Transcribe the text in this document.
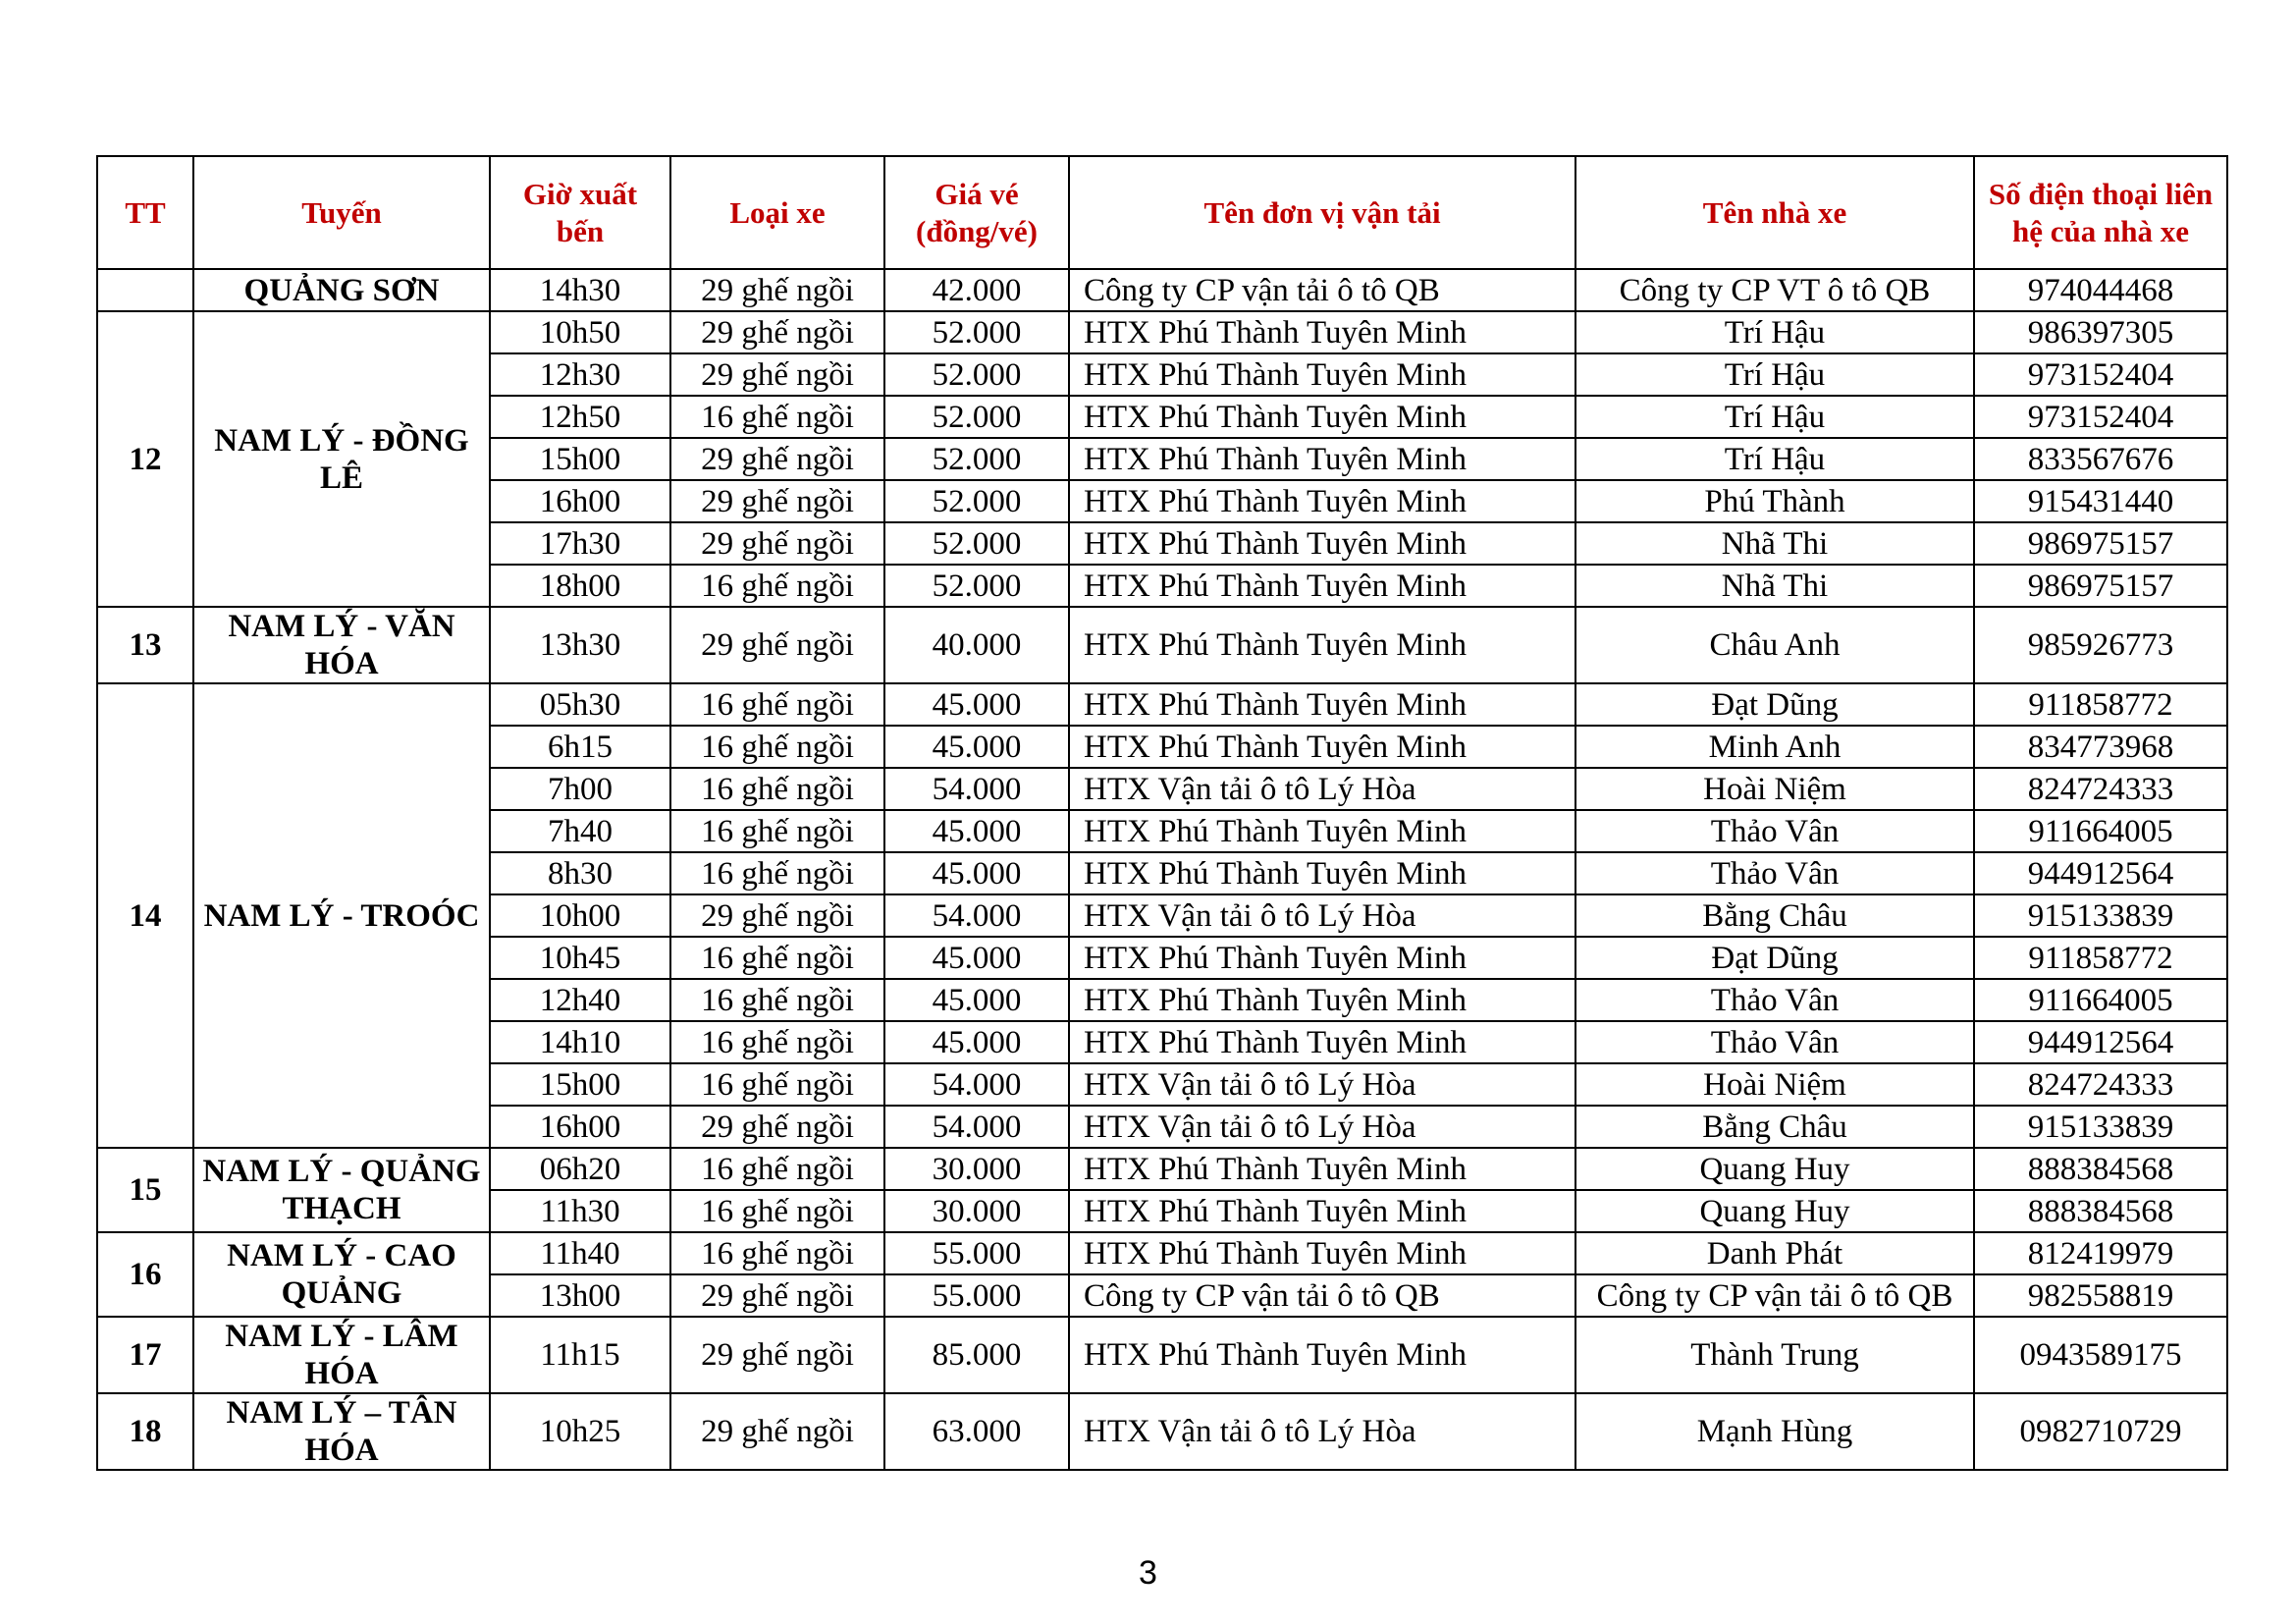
TT	Tuyến	Giờ xuất bến	Loại xe	Giá vé (đồng/vé)	Tên đơn vị vận tải	Tên nhà xe	Số điện thoại liên hệ của nhà xe
	QUẢNG SƠN	14h30	29 ghế ngồi	42.000	Công ty CP vận tải ô tô QB	Công ty CP VT ô tô QB	974044468
12	NAM LÝ - ĐỒNG LÊ	10h50	29 ghế ngồi	52.000	HTX Phú Thành Tuyên Minh	Trí Hậu	986397305
		12h30	29 ghế ngồi	52.000	HTX Phú Thành Tuyên Minh	Trí Hậu	973152404
		12h50	16 ghế ngồi	52.000	HTX Phú Thành Tuyên Minh	Trí Hậu	973152404
		15h00	29 ghế ngồi	52.000	HTX Phú Thành Tuyên Minh	Trí Hậu	833567676
		16h00	29 ghế ngồi	52.000	HTX Phú Thành Tuyên Minh	Phú Thành	915431440
		17h30	29 ghế ngồi	52.000	HTX Phú Thành Tuyên Minh	Nhã Thi	986975157
		18h00	16 ghế ngồi	52.000	HTX Phú Thành Tuyên Minh	Nhã Thi	986975157
13	NAM LÝ - VĂN HÓA	13h30	29 ghế ngồi	40.000	HTX Phú Thành Tuyên Minh	Châu Anh	985926773
14	NAM LÝ - TROÓC	05h30	16 ghế ngồi	45.000	HTX Phú Thành Tuyên Minh	Đạt Dũng	911858772
		6h15	16 ghế ngồi	45.000	HTX Phú Thành Tuyên Minh	Minh Anh	834773968
		7h00	16 ghế ngồi	54.000	HTX Vận tải ô tô Lý Hòa	Hoài Niệm	824724333
		7h40	16 ghế ngồi	45.000	HTX Phú Thành Tuyên Minh	Thảo Vân	911664005
		8h30	16 ghế ngồi	45.000	HTX Phú Thành Tuyên Minh	Thảo Vân	944912564
		10h00	29 ghế ngồi	54.000	HTX Vận tải ô tô Lý Hòa	Bằng Châu	915133839
		10h45	16 ghế ngồi	45.000	HTX Phú Thành Tuyên Minh	Đạt Dũng	911858772
		12h40	16 ghế ngồi	45.000	HTX Phú Thành Tuyên Minh	Thảo Vân	911664005
		14h10	16 ghế ngồi	45.000	HTX Phú Thành Tuyên Minh	Thảo Vân	944912564
		15h00	16 ghế ngồi	54.000	HTX Vận tải ô tô Lý Hòa	Hoài Niệm	824724333
		16h00	29 ghế ngồi	54.000	HTX Vận tải ô tô Lý Hòa	Bằng Châu	915133839
15	NAM LÝ - QUẢNG THẠCH	06h20	16 ghế ngồi	30.000	HTX Phú Thành Tuyên Minh	Quang Huy	888384568
		11h30	16 ghế ngồi	30.000	HTX Phú Thành Tuyên Minh	Quang Huy	888384568
16	NAM LÝ - CAO QUẢNG	11h40	16 ghế ngồi	55.000	HTX Phú Thành Tuyên Minh	Danh Phát	812419979
		13h00	29 ghế ngồi	55.000	Công ty CP vận tải ô tô QB	Công ty CP vận tải ô tô QB	982558819
17	NAM LÝ - LÂM HÓA	11h15	29 ghế ngồi	85.000	HTX Phú Thành Tuyên Minh	Thành Trung	0943589175
18	NAM LÝ – TÂN HÓA	10h25	29 ghế ngồi	63.000	HTX Vận tải ô tô Lý Hòa	Mạnh Hùng	0982710729
3
